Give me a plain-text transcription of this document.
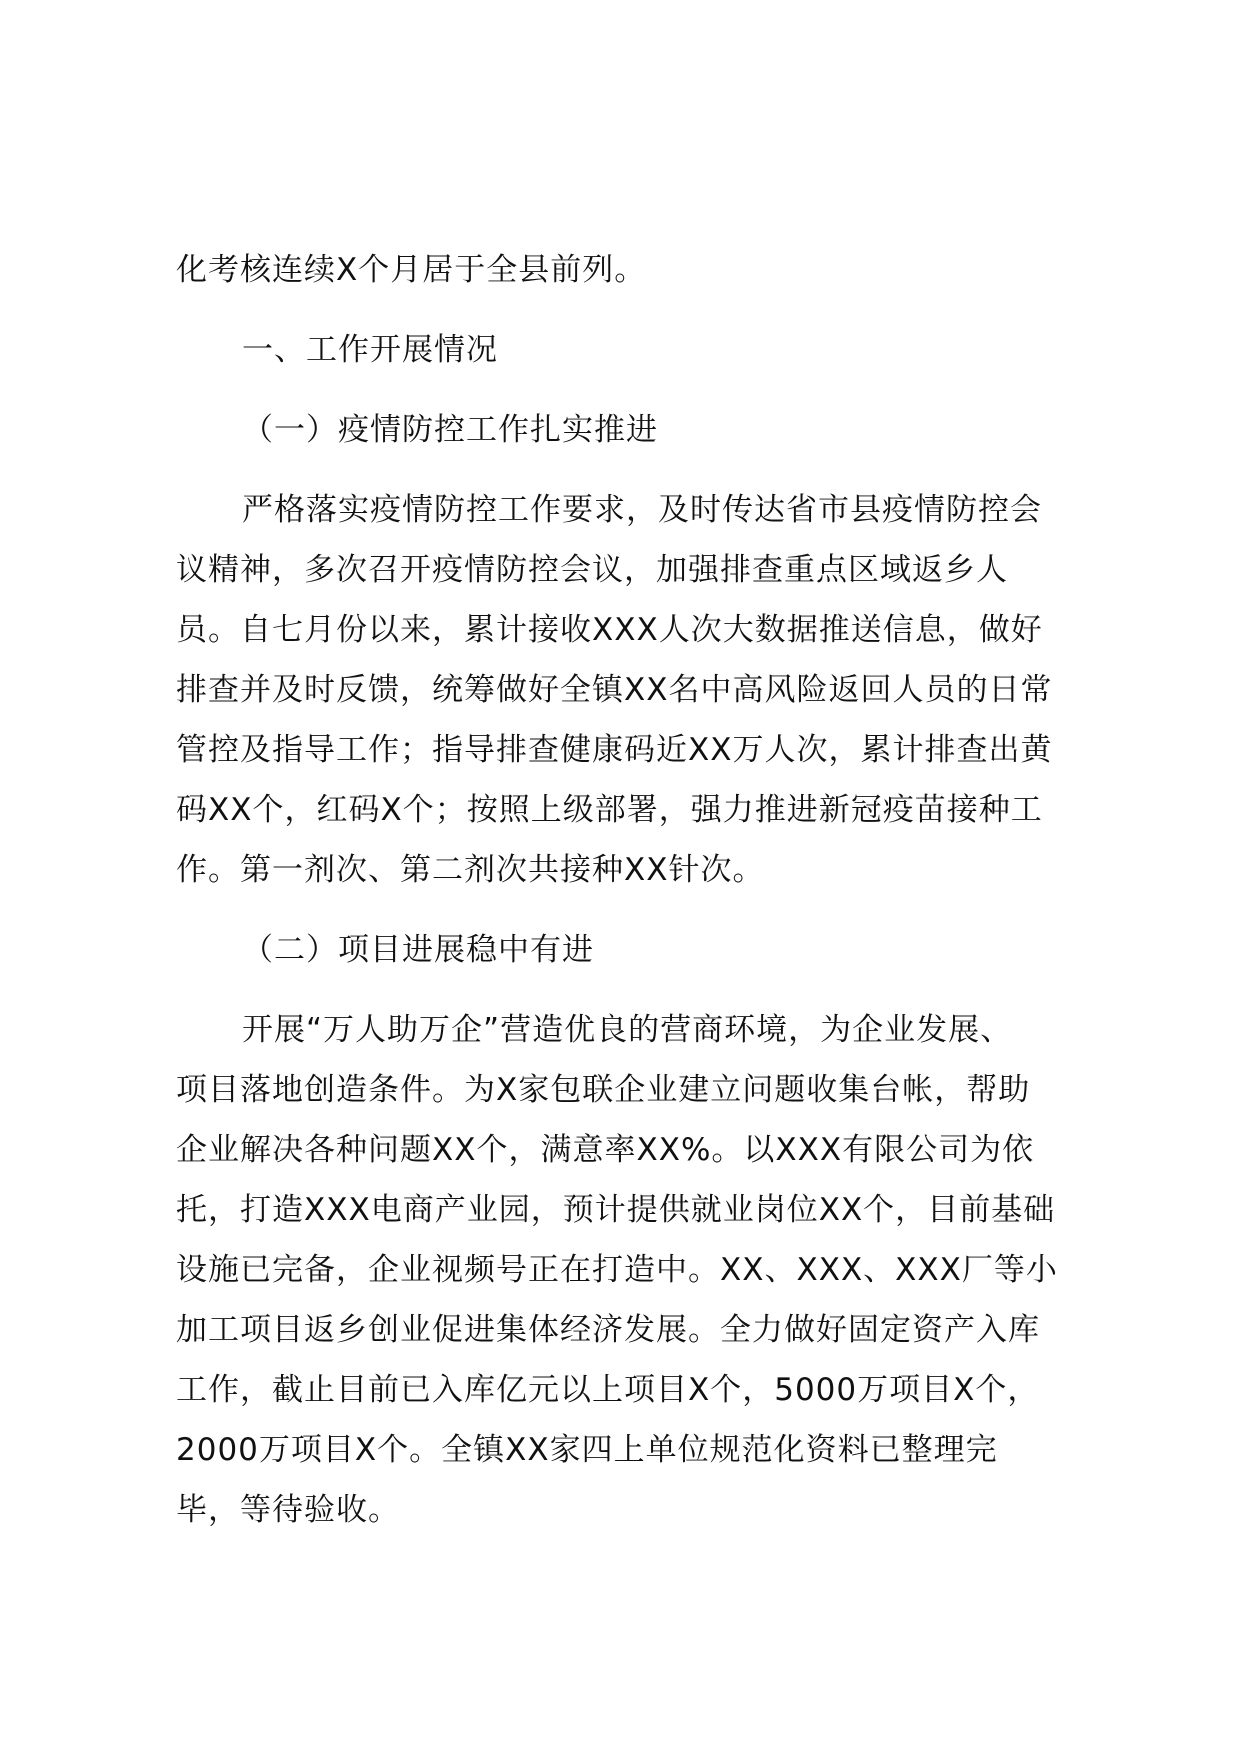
化考核连续X个月居于全县前列。
一、工作开展情况
（一）疫情防控工作扎实推进
严格落实疫情防控工作要求，及时传达省市县疫情防控会
议精神，多次召开疫情防控会议，加强排查重点区域返乡人
员。自七月份以来，累计接收XXX人次大数据推送信息，做好
排查并及时反馈，统筹做好全镇XX名中高风险返回人员的日常
管控及指导工作；指导排查健康码近XX万人次，累计排查出黄
码XX个，红码X个；按照上级部署，强力推进新冠疫苗接种工
作。第一剂次、第二剂次共接种XX针次。
（二）项目进展稳中有进
开展“万人助万企”营造优良的营商环境，为企业发展、
项目落地创造条件。为X家包联企业建立问题收集台帐，帮助
企业解决各种问题XX个，满意率XX%。以XXX有限公司为依
托，打造XXX电商产业园，预计提供就业岗位XX个，目前基础
设施已完备，企业视频号正在打造中。XX、XXX、XXX厂等小
加工项目返乡创业促进集体经济发展。全力做好固定资产入库
工作，截止目前已入库亿元以上项目X个，5000万项目X个，
2000万项目X个。全镇XX家四上单位规范化资料已整理完
毕，等待验收。
